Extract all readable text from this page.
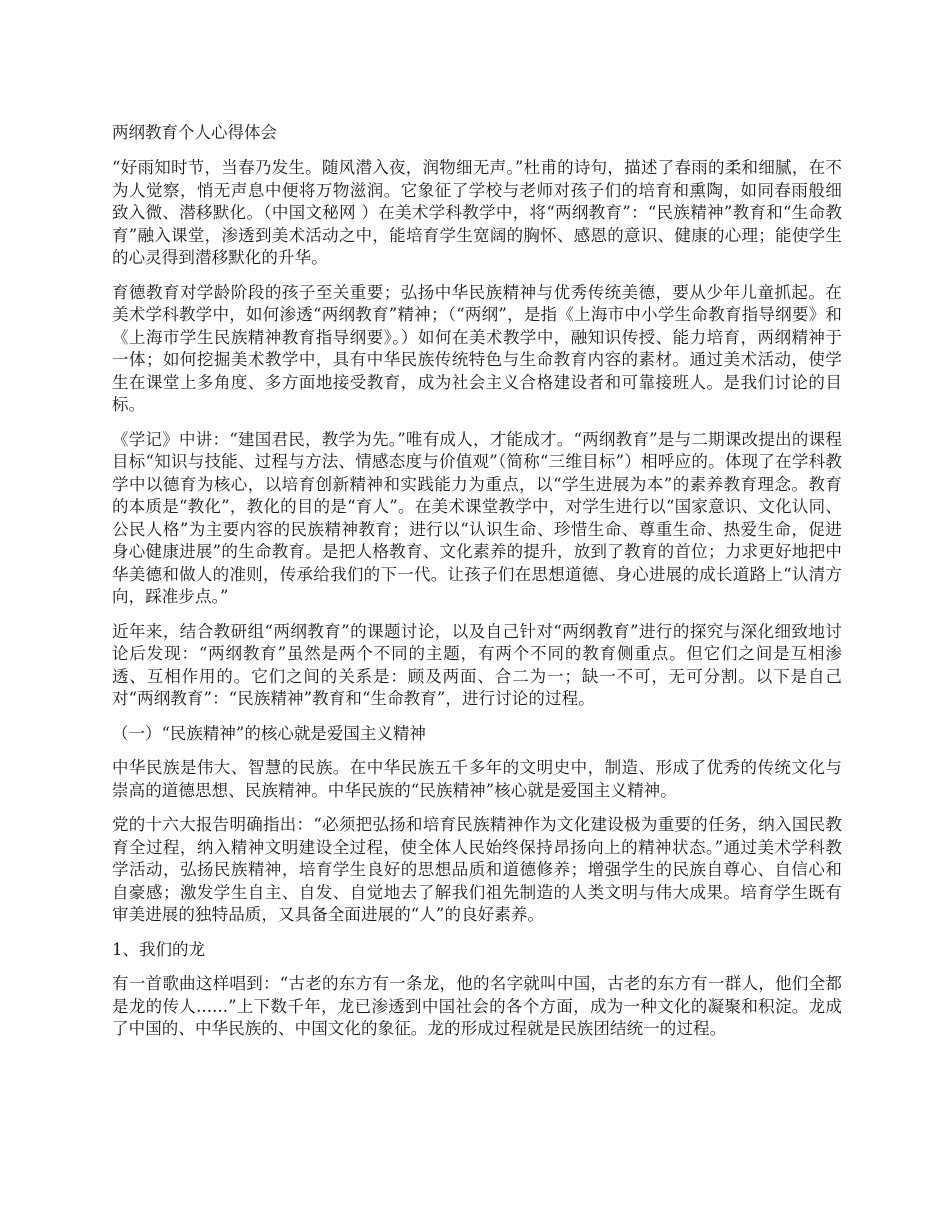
两纲教育个人心得体会

“好雨知时节，当春乃发生。随风潜入夜，润物细无声。”杜甫的诗句，描述了春雨的柔和细腻，在不为人觉察，悄无声息中便将万物滋润。它象征了学校与老师对孩子们的培育和熏陶，如同春雨般细致入微、潜移默化。（中国文秘网 ）在美术学科教学中，将“两纲教育”：“民族精神”教育和“生命教育”融入课堂，渗透到美术活动之中，能培育学生宽阔的胸怀、感恩的意识、健康的心理；能使学生的心灵得到潜移默化的升华。

育德教育对学龄阶段的孩子至关重要；弘扬中华民族精神与优秀传统美德，要从少年儿童抓起。在美术学科教学中，如何渗透“两纲教育”精神；（“两纲”，是指《上海市中小学生命教育指导纲要》和《上海市学生民族精神教育指导纲要》。）如何在美术教学中，融知识传授、能力培育，两纲精神于一体；如何挖掘美术教学中，具有中华民族传统特色与生命教育内容的素材。通过美术活动，使学生在课堂上多角度、多方面地接受教育，成为社会主义合格建设者和可靠接班人。是我们讨论的目标。

《学记》中讲：“建国君民，教学为先。”唯有成人，才能成才。“两纲教育”是与二期课改提出的课程目标“知识与技能、过程与方法、情感态度与价值观”（简称“三维目标”）相呼应的。体现了在学科教学中以德育为核心，以培育创新精神和实践能力为重点，以“学生进展为本”的素养教育理念。教育的本质是“教化”，教化的目的是“育人”。在美术课堂教学中，对学生进行以“国家意识、文化认同、公民人格”为主要内容的民族精神教育；进行以“认识生命、珍惜生命、尊重生命、热爱生命，促进身心健康进展”的生命教育。是把人格教育、文化素养的提升，放到了教育的首位；力求更好地把中华美德和做人的准则，传承给我们的下一代。让孩子们在思想道德、身心进展的成长道路上“认清方向，踩准步点。”

近年来，结合教研组“两纲教育”的课题讨论，以及自己针对“两纲教育”进行的探究与深化细致地讨论后发现：“两纲教育”虽然是两个不同的主题，有两个不同的教育侧重点。但它们之间是互相渗透、互相作用的。它们之间的关系是：顾及两面、合二为一；缺一不可，无可分割。以下是自己对“两纲教育”：“民族精神”教育和“生命教育”，进行讨论的过程。

（一）“民族精神”的核心就是爱国主义精神

中华民族是伟大、智慧的民族。在中华民族五千多年的文明史中，制造、形成了优秀的传统文化与崇高的道德思想、民族精神。中华民族的“民族精神”核心就是爱国主义精神。

党的十六大报告明确指出：“必须把弘扬和培育民族精神作为文化建设极为重要的任务，纳入国民教育全过程，纳入精神文明建设全过程，使全体人民始终保持昂扬向上的精神状态。”通过美术学科教学活动，弘扬民族精神，培育学生良好的思想品质和道德修养；增强学生的民族自尊心、自信心和自豪感；激发学生自主、自发、自觉地去了解我们祖先制造的人类文明与伟大成果。培育学生既有审美进展的独特品质，又具备全面进展的“人”的良好素养。

1、我们的龙

有一首歌曲这样唱到：“古老的东方有一条龙，他的名字就叫中国，古老的东方有一群人，他们全都是龙的传人......”上下数千年，龙已渗透到中国社会的各个方面，成为一种文化的凝聚和积淀。龙成了中国的、中华民族的、中国文化的象征。龙的形成过程就是民族团结统一的过程。
